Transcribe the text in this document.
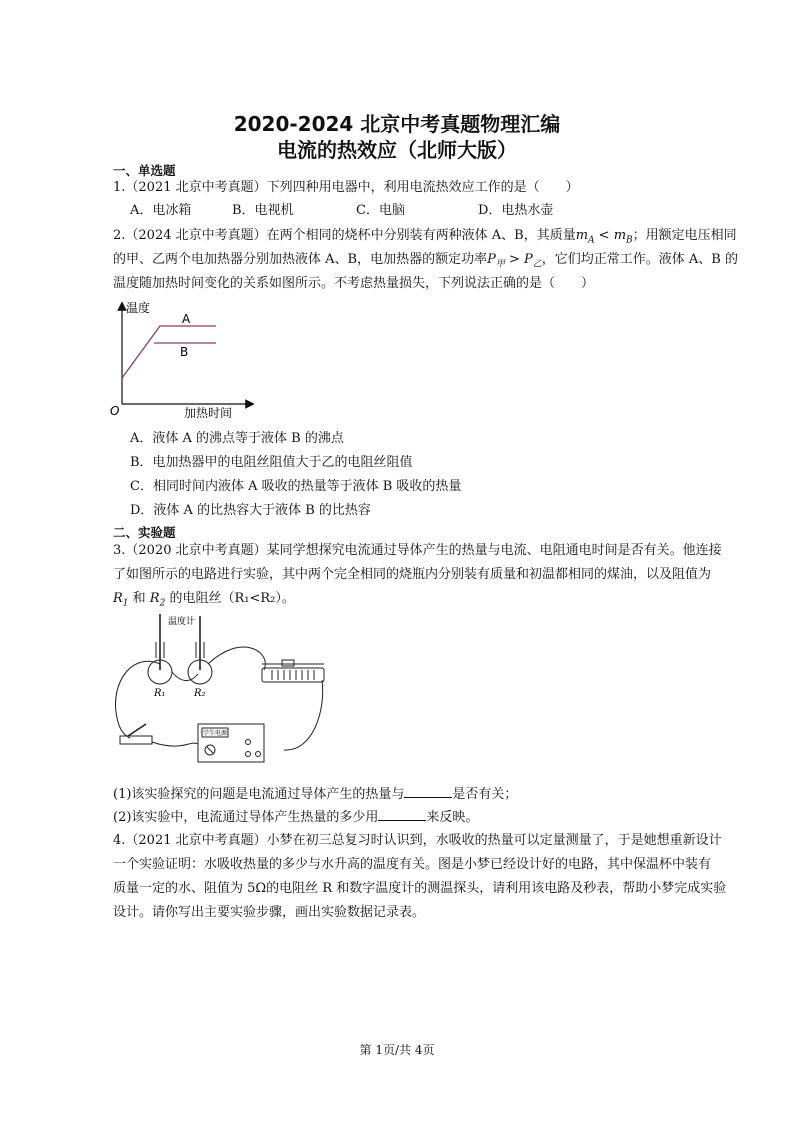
2020-2024 北京中考真题物理汇编
电流的热效应（北师大版）
一、单选题
1.（2021 北京中考真题）下列四种用电器中，利用电流热效应工作的是（　　）
A．电冰箱	B．电视机	C．电脑	D．电热水壶
2.（2024 北京中考真题）在两个相同的烧杯中分别装有两种液体 A、B，其质量$m_A < m_B$；用额定电压相同
的甲、乙两个电加热器分别加热液体 A、B，电加热器的额定功率$P_甲 > P_乙$，它们均正常工作。液体 A、B 的
温度随加热时间变化的关系如图所示。不考虑热量损失，下列说法正确的是（　　）
温度
A
B
O	加热时间
A．液体 A 的沸点等于液体 B 的沸点
B．电加热器甲的电阻丝阻值大于乙的电阻丝阻值
C．相同时间内液体 A 吸收的热量等于液体 B 吸收的热量
D．液体 A 的比热容大于液体 B 的比热容
二、实验题
3.（2020 北京中考真题）某同学想探究电流通过导体产生的热量与电流、电阻通电时间是否有关。他连接
了如图所示的电路进行实验，其中两个完全相同的烧瓶内分别装有质量和初温都相同的煤油，以及阻值为
$R_1$ 和 $R_2$ 的电阻丝（R₁<R₂）。
温度计
R₁	R₂
学生电源
(1)该实验探究的问题是电流通过导体产生的热量与	是否有关；
(2)该实验中，电流通过导体产生热量的多少用	来反映。
4.（2021 北京中考真题）小梦在初三总复习时认识到，水吸收的热量可以定量测量了，于是她想重新设计
一个实验证明：水吸收热量的多少与水升高的温度有关。图是小梦已经设计好的电路，其中保温杯中装有
质量一定的水、阻值为 5Ω的电阻丝 R 和数字温度计的测温探头，请利用该电路及秒表，帮助小梦完成实验
设计。请你写出主要实验步骤，画出实验数据记录表。
第 1页/共 4页
